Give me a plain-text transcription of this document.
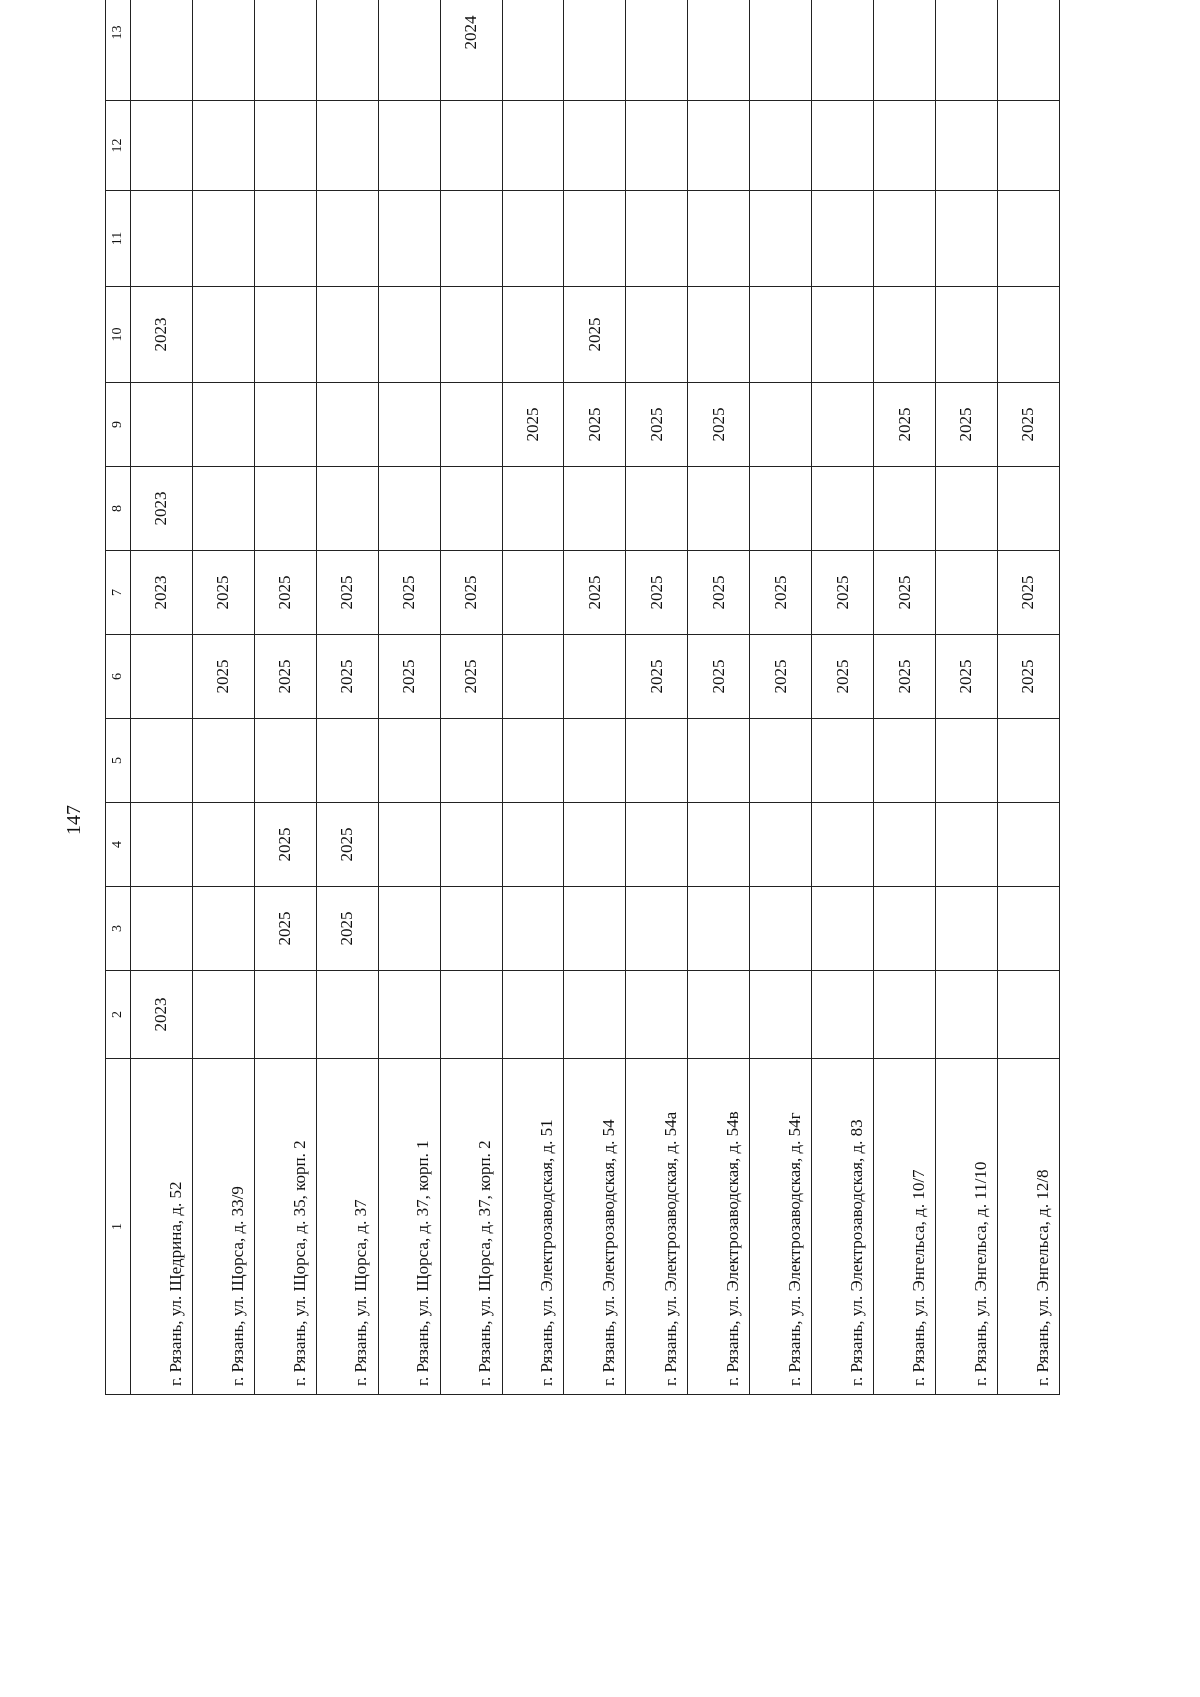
147
1	2	3	4	5	6	7	8	9	10	11	12	13
г. Рязань, ул. Щедрина, д. 52	2023					2023	2023		2023			
г. Рязань, ул. Щорса, д. 33/9					2025	2025						
г. Рязань, ул. Щорса, д. 35, корп. 2		2025	2025		2025	2025						
г. Рязань, ул. Щорса, д. 37		2025	2025		2025	2025						
г. Рязань, ул. Щорса, д. 37, корп. 1					2025	2025						
г. Рязань, ул. Щорса, д. 37, корп. 2					2025	2025						2024
г. Рязань, ул. Электрозаводская, д. 51								2025				
г. Рязань, ул. Электрозаводская, д. 54						2025		2025	2025			
г. Рязань, ул. Электрозаводская, д. 54а					2025	2025		2025				
г. Рязань, ул. Электрозаводская, д. 54в					2025	2025		2025				
г. Рязань, ул. Электрозаводская, д. 54г					2025	2025						
г. Рязань, ул. Электрозаводская, д. 83					2025	2025						
г. Рязань, ул. Энгельса, д. 10/7					2025	2025		2025				
г. Рязань, ул. Энгельса, д. 11/10					2025			2025				
г. Рязань, ул. Энгельса, д. 12/8					2025	2025		2025				
